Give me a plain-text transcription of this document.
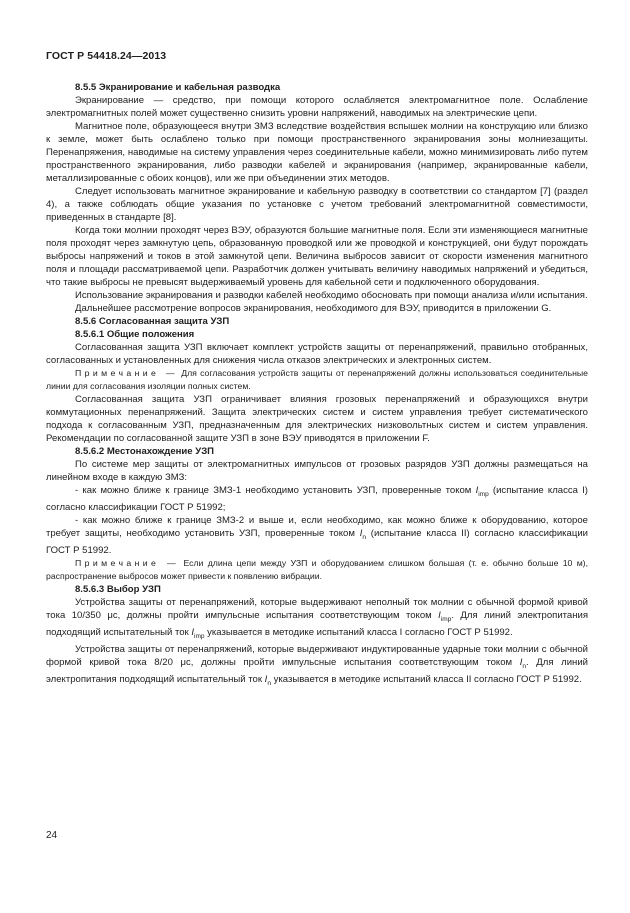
ГОСТ Р 54418.24—2013

8.5.5 Экранирование и кабельная разводка

Экранирование — средство, при помощи которого ослабляется электромагнитное поле. Ослабление электромагнитных полей может существенно снизить уровни напряжений, наводимых на электрические цепи.

Магнитное поле, образующееся внутри ЗМЗ вследствие воздействия вспышек молнии на конструкцию или близко к земле, может быть ослаблено только при помощи пространственного экранирования зоны молниезащиты. Перенапряжения, наводимые на систему управления через соединительные кабели, можно минимизировать либо путем пространственного экранирования, либо разводки кабелей и экранирования (например, экранированные кабели, металлизированные с обоих концов), или же при объединении этих методов.

Следует использовать магнитное экранирование и кабельную разводку в соответствии со стандартом [7] (раздел 4), а также соблюдать общие указания по установке с учетом требований электромагнитной совместимости, приведенных в стандарте [8].

Когда токи молнии проходят через ВЭУ, образуются большие магнитные поля. Если эти изменяющиеся магнитные поля проходят через замкнутую цепь, образованную проводкой или же проводкой и конструкцией, они будут порождать выбросы напряжений и токов в этой замкнутой цепи. Величина выбросов зависит от скорости изменения магнитного поля и площади рассматриваемой цепи. Разработчик должен учитывать величину наводимых напряжений и убедиться, что такие выбросы не превысят выдерживаемый уровень для кабельной сети и подключенного оборудования.

Использование экранирования и разводки кабелей необходимо обосновать при помощи анализа и/или испытания.

Дальнейшее рассмотрение вопросов экранирования, необходимого для ВЭУ, приводится в приложении G.

8.5.6 Согласованная защита УЗП

8.5.6.1 Общие положения

Согласованная защита УЗП включает комплект устройств защиты от перенапряжений, правильно отобранных, согласованных и установленных для снижения числа отказов электрических и электронных систем.

Примечание — Для согласования устройств защиты от перенапряжений должны использоваться соединительные линии для согласования изоляции полных систем.

Согласованная защита УЗП ограничивает влияния грозовых перенапряжений и образующихся внутри коммутационных перенапряжений. Защита электрических систем и систем управления требует систематического подхода к согласованным УЗП, предназначенным для электрических низковольтных систем и систем управления. Рекомендации по согласованной защите УЗП в зоне ВЭУ приводятся в приложении F.

8.5.6.2 Местонахождение УЗП

По системе мер защиты от электромагнитных импульсов от грозовых разрядов УЗП должны размещаться на линейном входе в каждую ЗМЗ:

- как можно ближе к границе ЗМЗ-1 необходимо установить УЗП, проверенные током $I_{imp}$ (испытание класса I) согласно классификации ГОСТ Р 51992;

- как можно ближе к границе ЗМЗ-2 и выше и, если необходимо, как можно ближе к оборудованию, которое требует защиты, необходимо установить УЗП, проверенные током $I_n$ (испытание класса II) согласно классификации ГОСТ Р 51992.

Примечание — Если длина цепи между УЗП и оборудованием слишком большая (т. е. обычно больше 10 м), распространение выбросов может привести к появлению вибрации.

8.5.6.3 Выбор УЗП

Устройства защиты от перенапряжений, которые выдерживают неполный ток молнии с обычной формой кривой тока 10/350 μс, должны пройти импульсные испытания соответствующим током $I_{imp}$. Для линий электропитания подходящий испытательный ток $I_{imp}$ указывается в методике испытаний класса I согласно ГОСТ Р 51992.

Устройства защиты от перенапряжений, которые выдерживают индуктированные ударные токи молнии с обычной формой кривой тока 8/20 μс, должны пройти импульсные испытания соответствующим током $I_n$. Для линий электропитания подходящий испытательный ток $I_n$ указывается в методике испытаний класса II согласно ГОСТ Р 51992.

24
